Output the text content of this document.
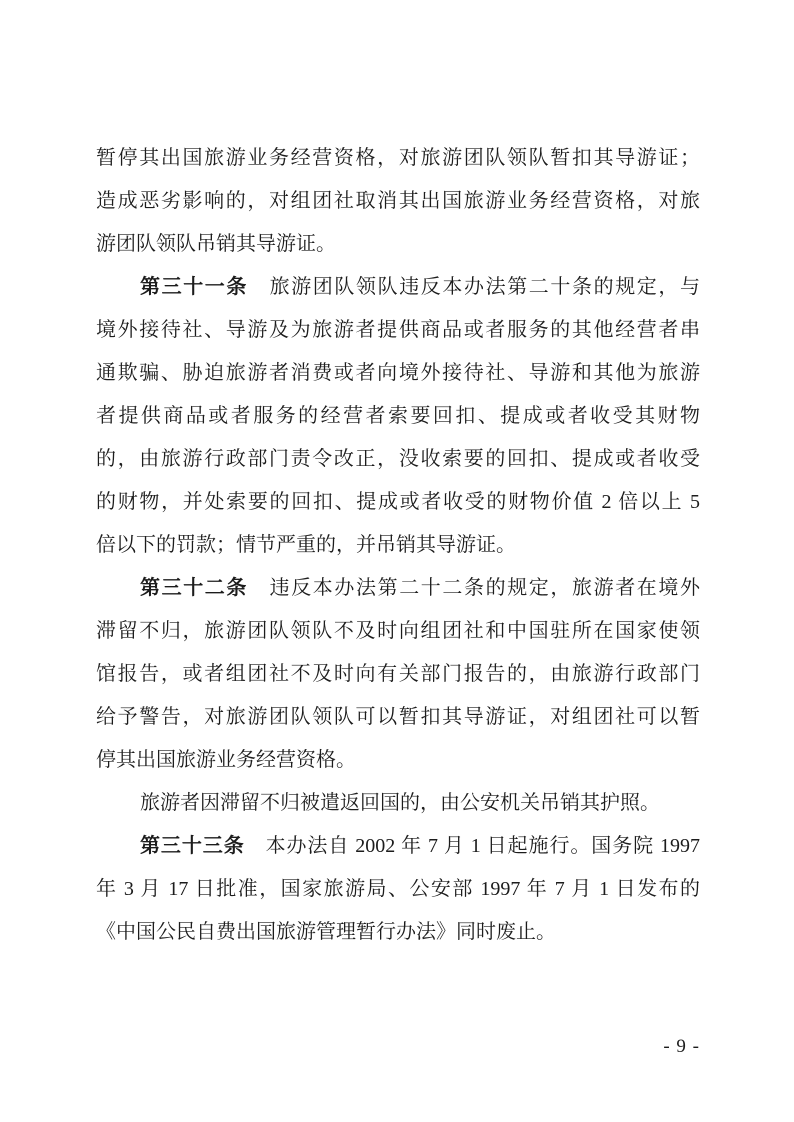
暂停其出国旅游业务经营资格，对旅游团队领队暂扣其导游证；
造成恶劣影响的，对组团社取消其出国旅游业务经营资格，对旅
游团队领队吊销其导游证。
第三十一条　旅游团队领队违反本办法第二十条的规定，与
境外接待社、导游及为旅游者提供商品或者服务的其他经营者串
通欺骗、胁迫旅游者消费或者向境外接待社、导游和其他为旅游
者提供商品或者服务的经营者索要回扣、提成或者收受其财物
的，由旅游行政部门责令改正，没收索要的回扣、提成或者收受
的财物，并处索要的回扣、提成或者收受的财物价值 2 倍以上 5
倍以下的罚款；情节严重的，并吊销其导游证。
第三十二条　违反本办法第二十二条的规定，旅游者在境外
滞留不归，旅游团队领队不及时向组团社和中国驻所在国家使领
馆报告，或者组团社不及时向有关部门报告的，由旅游行政部门
给予警告，对旅游团队领队可以暂扣其导游证，对组团社可以暂
停其出国旅游业务经营资格。
旅游者因滞留不归被遣返回国的，由公安机关吊销其护照。
第三十三条　本办法自 2002 年 7 月 1 日起施行。国务院 1997
年 3 月 17 日批准，国家旅游局、公安部 1997 年 7 月 1 日发布的
《中国公民自费出国旅游管理暂行办法》同时废止。
- 9 -
